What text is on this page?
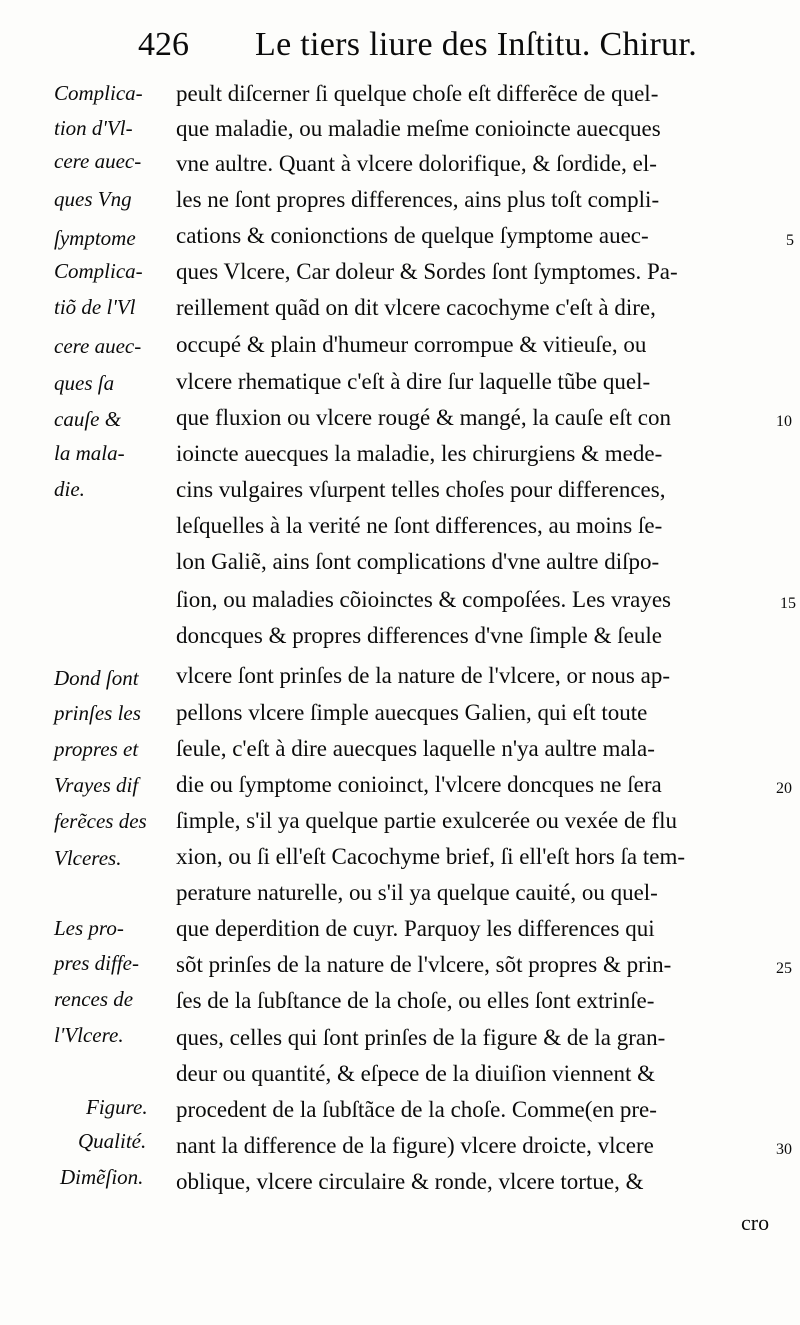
426 Le tiers liure des Inſtitu. Chirur.
Complica-
tion d'Vl-
cere auec-
ques Vng
ſymptome
Complica-
tiõ de l'Vl
cere auec-
ques ſa
cauſe &
la mala-
die.
Dond ſont
prinſes les
propres et
Vrayes dif
ferẽces des
Vlceres.
Les pro-
pres diffe-
rences de
l'Vlcere.
Figure.
Qualité.
Dimẽſion.
peult diſcerner ſi quelque choſe eſt differẽce de quel-
que maladie, ou maladie meſme conioincte auecques
vne aultre. Quant à vlcere dolorifique, & ſordide, el-
les ne ſont propres differences, ains plus toſt compli-
cations & conionctions de quelque ſymptome auec-
ques Vlcere, Car doleur & Sordes ſont ſymptomes. Pa-
reillement quãd on dit vlcere cacochyme c'eſt à dire,
occupé & plain d'humeur corrompue & vitieuſe, ou
vlcere rhematique c'eſt à dire ſur laquelle tũbe quel-
que fluxion ou vlcere rougé & mangé, la cauſe eſt con
ioincte auecques la maladie, les chirurgiens & mede-
cins vulgaires vſurpent telles choſes pour differences,
leſquelles à la verité ne ſont differences, au moins ſe-
lon Galiẽ, ains ſont complications d'vne aultre diſpo-
ſion, ou maladies cõioinctes & compoſées. Les vrayes
doncques & propres differences d'vne ſimple & ſeule
vlcere ſont prinſes de la nature de l'vlcere, or nous ap-
pellons vlcere ſimple auecques Galien, qui eſt toute
ſeule, c'eſt à dire auecques laquelle n'ya aultre mala-
die ou ſymptome conioinct, l'vlcere doncques ne ſera
ſimple, s'il ya quelque partie exulcerée ou vexée de flu
xion, ou ſi ell'eſt Cacochyme brief, ſi ell'eſt hors ſa tem-
perature naturelle, ou s'il ya quelque cauité, ou quel-
que deperdition de cuyr. Parquoy les differences qui
sõt prinſes de la nature de l'vlcere, sõt propres & prin-
ſes de la ſubſtance de la choſe, ou elles ſont extrinſe-
ques, celles qui ſont prinſes de la figure & de la gran-
deur ou quantité, & eſpece de la diuiſion viennent &
procedent de la ſubſtãce de la choſe. Comme(en pre-
nant la difference de la figure) vlcere droicte, vlcere
oblique, vlcere circulaire & ronde, vlcere tortue, &
5
10
15
20
25
30
cro
